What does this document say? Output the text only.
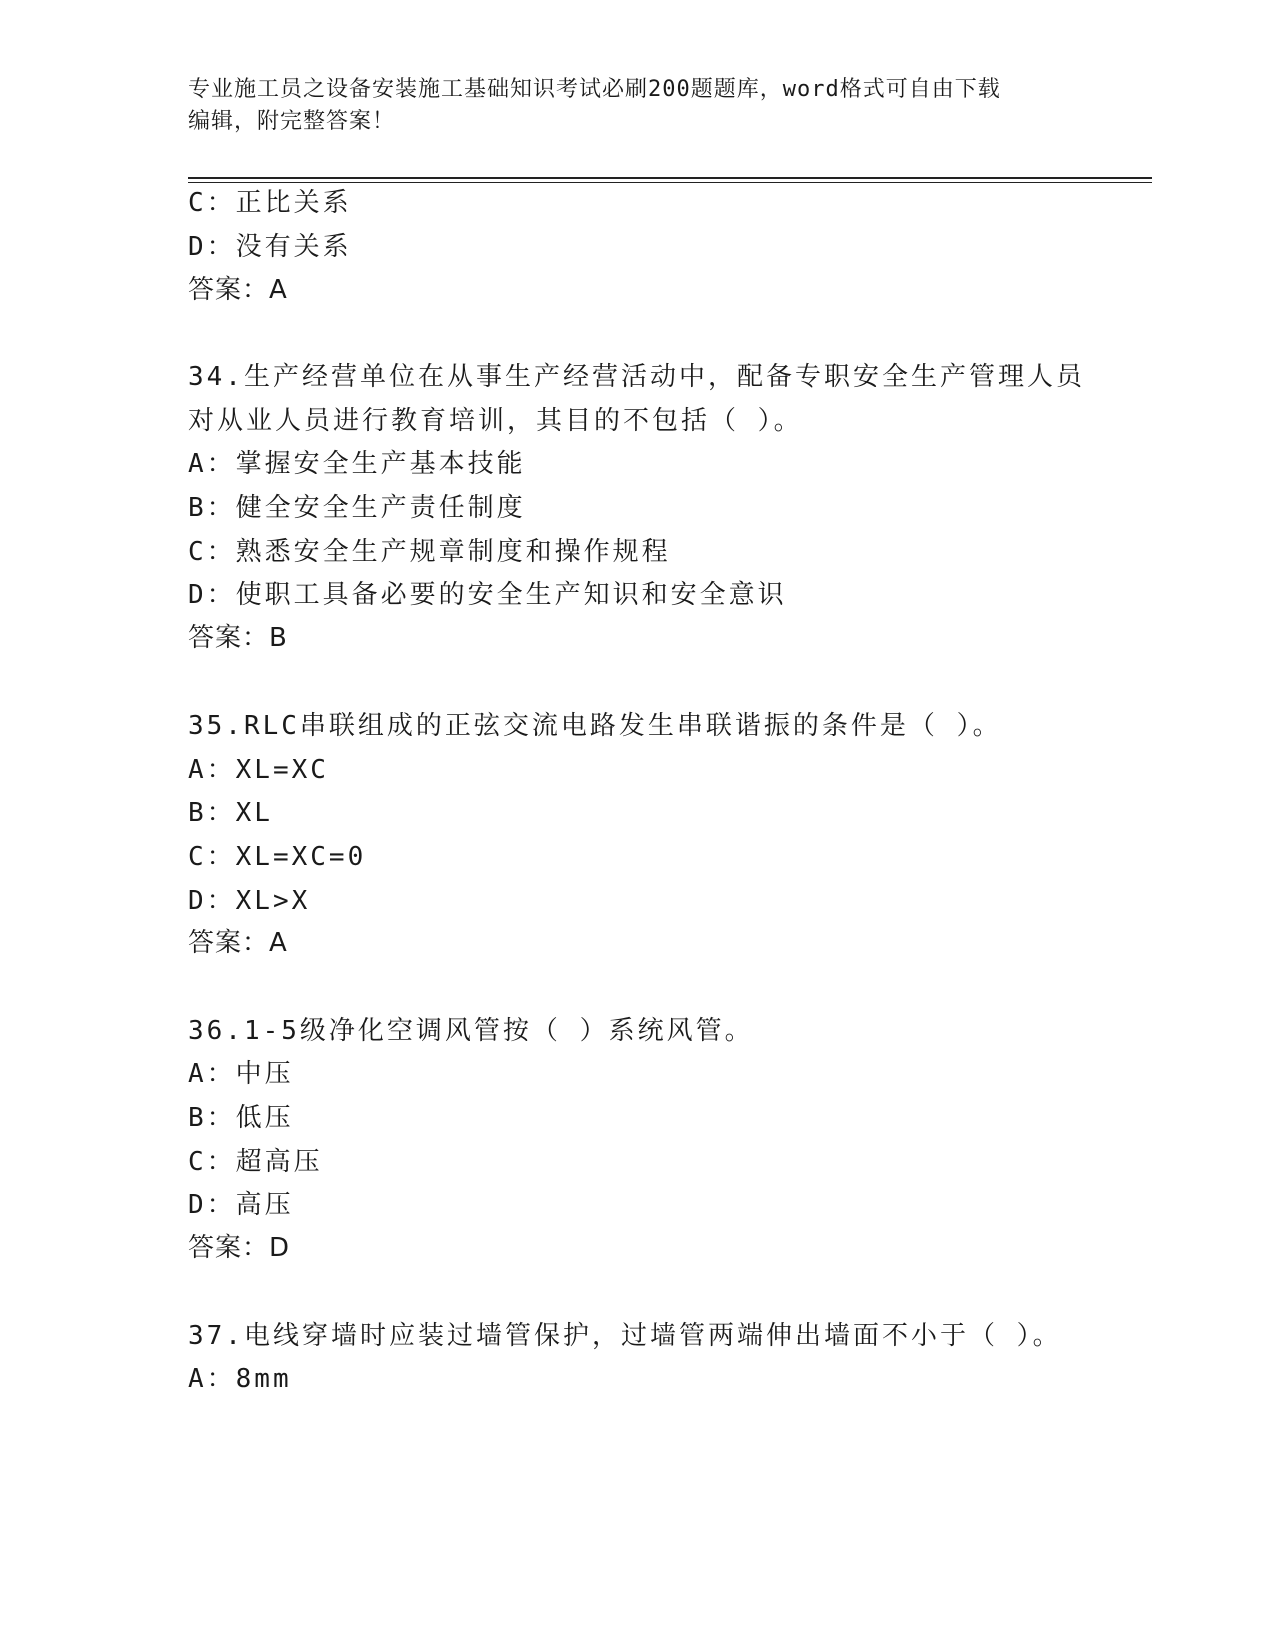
专业施工员之设备安装施工基础知识考试必刷200题题库，word格式可自由下载
编辑，附完整答案！
C：正比关系
D：没有关系
答案：A
34.生产经营单位在从事生产经营活动中，配备专职安全生产管理人员
对从业人员进行教育培训，其目的不包括（ ）。
A：掌握安全生产基本技能
B：健全安全生产责任制度
C：熟悉安全生产规章制度和操作规程
D：使职工具备必要的安全生产知识和安全意识
答案：B
35.RLC串联组成的正弦交流电路发生串联谐振的条件是（ ）。
A：XL=XC
B：XL
C：XL=XC=0
D：XL>X
答案：A
36.1-5级净化空调风管按（ ）系统风管。
A：中压
B：低压
C：超高压
D：高压
答案：D
37.电线穿墙时应装过墙管保护，过墙管两端伸出墙面不小于（ ）。
A：8mm
